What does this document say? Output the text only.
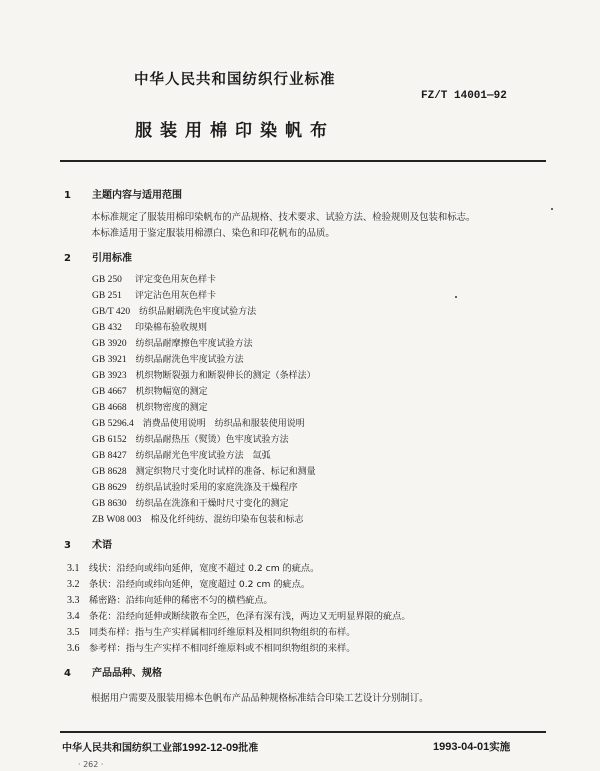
中华人民共和国纺织行业标准
FZ/T 14001—92
服装用棉印染帆布
1 主题内容与适用范围
本标准规定了服装用棉印染帆布的产品规格、技术要求、试验方法、检验规则及包装和标志。
本标准适用于鉴定服装用棉漂白、染色和印花帆布的品质。
2 引用标准
GB 250　 评定变色用灰色样卡
GB 251　 评定沾色用灰色样卡
GB/T 420　 纺织品耐刷洗色牢度试验方法
GB 432　 印染棉布验收规则
GB 3920　 纺织品耐摩擦色牢度试验方法
GB 3921　 纺织品耐洗色牢度试验方法
GB 3923　 机织物断裂强力和断裂伸长的测定（条样法）
GB 4667　 机织物幅宽的测定
GB 4668　 机织物密度的测定
GB 5296.4　 消费品使用说明　纺织品和服装使用说明
GB 6152　 纺织品耐热压（熨烫）色牢度试验方法
GB 8427　 纺织品耐光色牢度试验方法　氙弧
GB 8628　 测定织物尺寸变化时试样的准备、标记和测量
GB 8629　 纺织品试验时采用的家庭洗涤及干燥程序
GB 8630　 纺织品在洗涤和干燥时尺寸变化的测定
ZB W08 003　 棉及化纤纯纺、混纺印染布包装和标志
3 术语
3.1 线状：沿经向或纬向延伸，宽度不超过 0.2 cm 的疵点。
3.2 条状：沿经向或纬向延伸，宽度超过 0.2 cm 的疵点。
3.3 稀密路：沿纬向延伸的稀密不匀的横档疵点。
3.4 条花：沿经向延伸或断续散布全匹，色泽有深有浅，两边又无明显界限的疵点。
3.5 同类布样：指与生产实样属相同纤维原料及相同织物组织的布样。
3.6 参考样：指与生产实样不相同纤维原料或不相同织物组织的来样。
4 产品品种、规格
根据用户需要及服装用棉本色帆布产品品种规格标准结合印染工艺设计分别制订。
中华人民共和国纺织工业部1992-12-09批准	1993-04-01实施
· 262 ·
